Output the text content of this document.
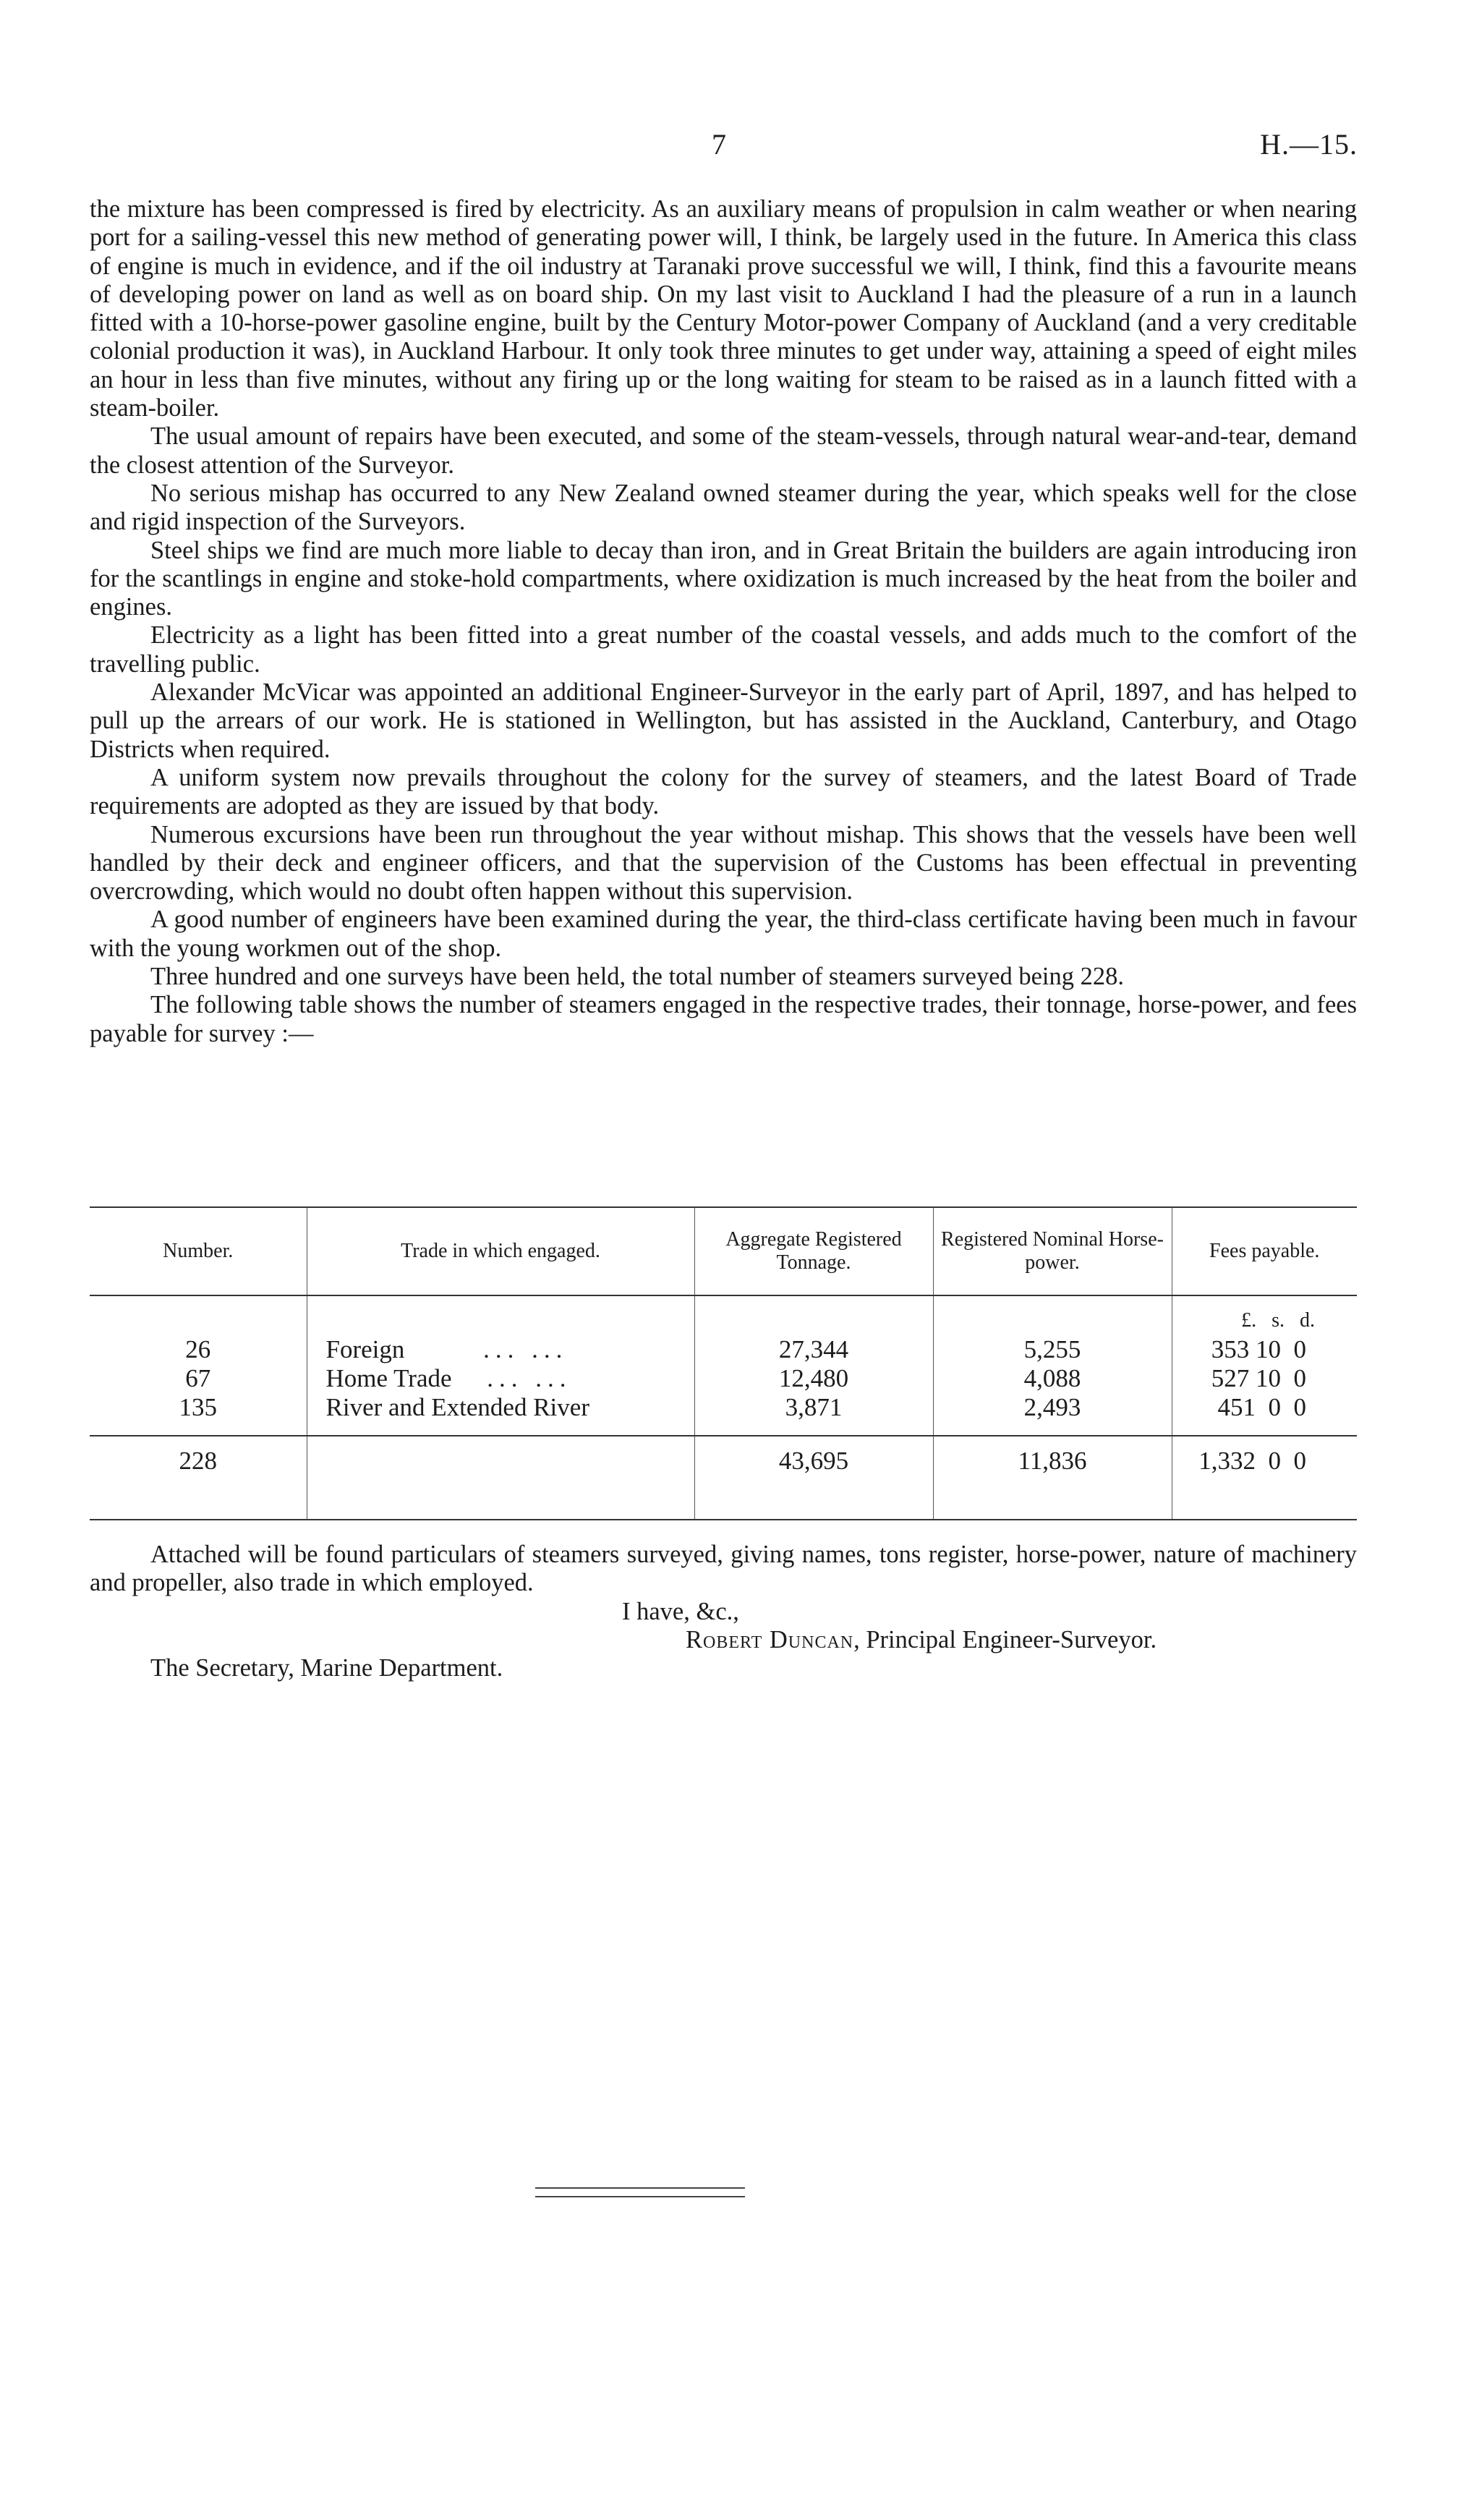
7	H.—15.

the mixture has been compressed is fired by electricity. As an auxiliary means of propulsion in calm weather or when nearing port for a sailing-vessel this new method of generating power will, I think, be largely used in the future. In America this class of engine is much in evidence, and if the oil industry at Taranaki prove successful we will, I think, find this a favourite means of developing power on land as well as on board ship. On my last visit to Auckland I had the pleasure of a run in a launch fitted with a 10-horse-power gasoline engine, built by the Century Motor-power Company of Auckland (and a very creditable colonial production it was), in Auckland Harbour. It only took three minutes to get under way, attaining a speed of eight miles an hour in less than five minutes, without any firing up or the long waiting for steam to be raised as in a launch fitted with a steam-boiler.

The usual amount of repairs have been executed, and some of the steam-vessels, through natural wear-and-tear, demand the closest attention of the Surveyor.

No serious mishap has occurred to any New Zealand owned steamer during the year, which speaks well for the close and rigid inspection of the Surveyors.

Steel ships we find are much more liable to decay than iron, and in Great Britain the builders are again introducing iron for the scantlings in engine and stoke-hold compartments, where oxidization is much increased by the heat from the boiler and engines.

Electricity as a light has been fitted into a great number of the coastal vessels, and adds much to the comfort of the travelling public.

Alexander McVicar was appointed an additional Engineer-Surveyor in the early part of April, 1897, and has helped to pull up the arrears of our work. He is stationed in Wellington, but has assisted in the Auckland, Canterbury, and Otago Districts when required.

A uniform system now prevails throughout the colony for the survey of steamers, and the latest Board of Trade requirements are adopted as they are issued by that body.

Numerous excursions have been run throughout the year without mishap. This shows that the vessels have been well handled by their deck and engineer officers, and that the supervision of the Customs has been effectual in preventing overcrowding, which would no doubt often happen without this supervision.

A good number of engineers have been examined during the year, the third-class certificate having been much in favour with the young workmen out of the shop.

Three hundred and one surveys have been held, the total number of steamers surveyed being 228.

The following table shows the number of steamers engaged in the respective trades, their tonnage, horse-power, and fees payable for survey :—

Number.	Trade in which engaged.	Aggregate Registered Tonnage.	Registered Nominal Horse-power.	Fees payable.
				£.   s.   d.
26	Foreign ... ...	27,344	5,255	353 10  0
67	Home Trade ... ...	12,480	4,088	527 10  0
135	River and Extended River	3,871	2,493	451  0  0
228		43,695	11,836	1,332  0  0

Attached will be found particulars of steamers surveyed, giving names, tons register, horse-power, nature of machinery and propeller, also trade in which employed.

I have, &c.,

Robert Duncan, Principal Engineer-Surveyor.

The Secretary, Marine Department.
